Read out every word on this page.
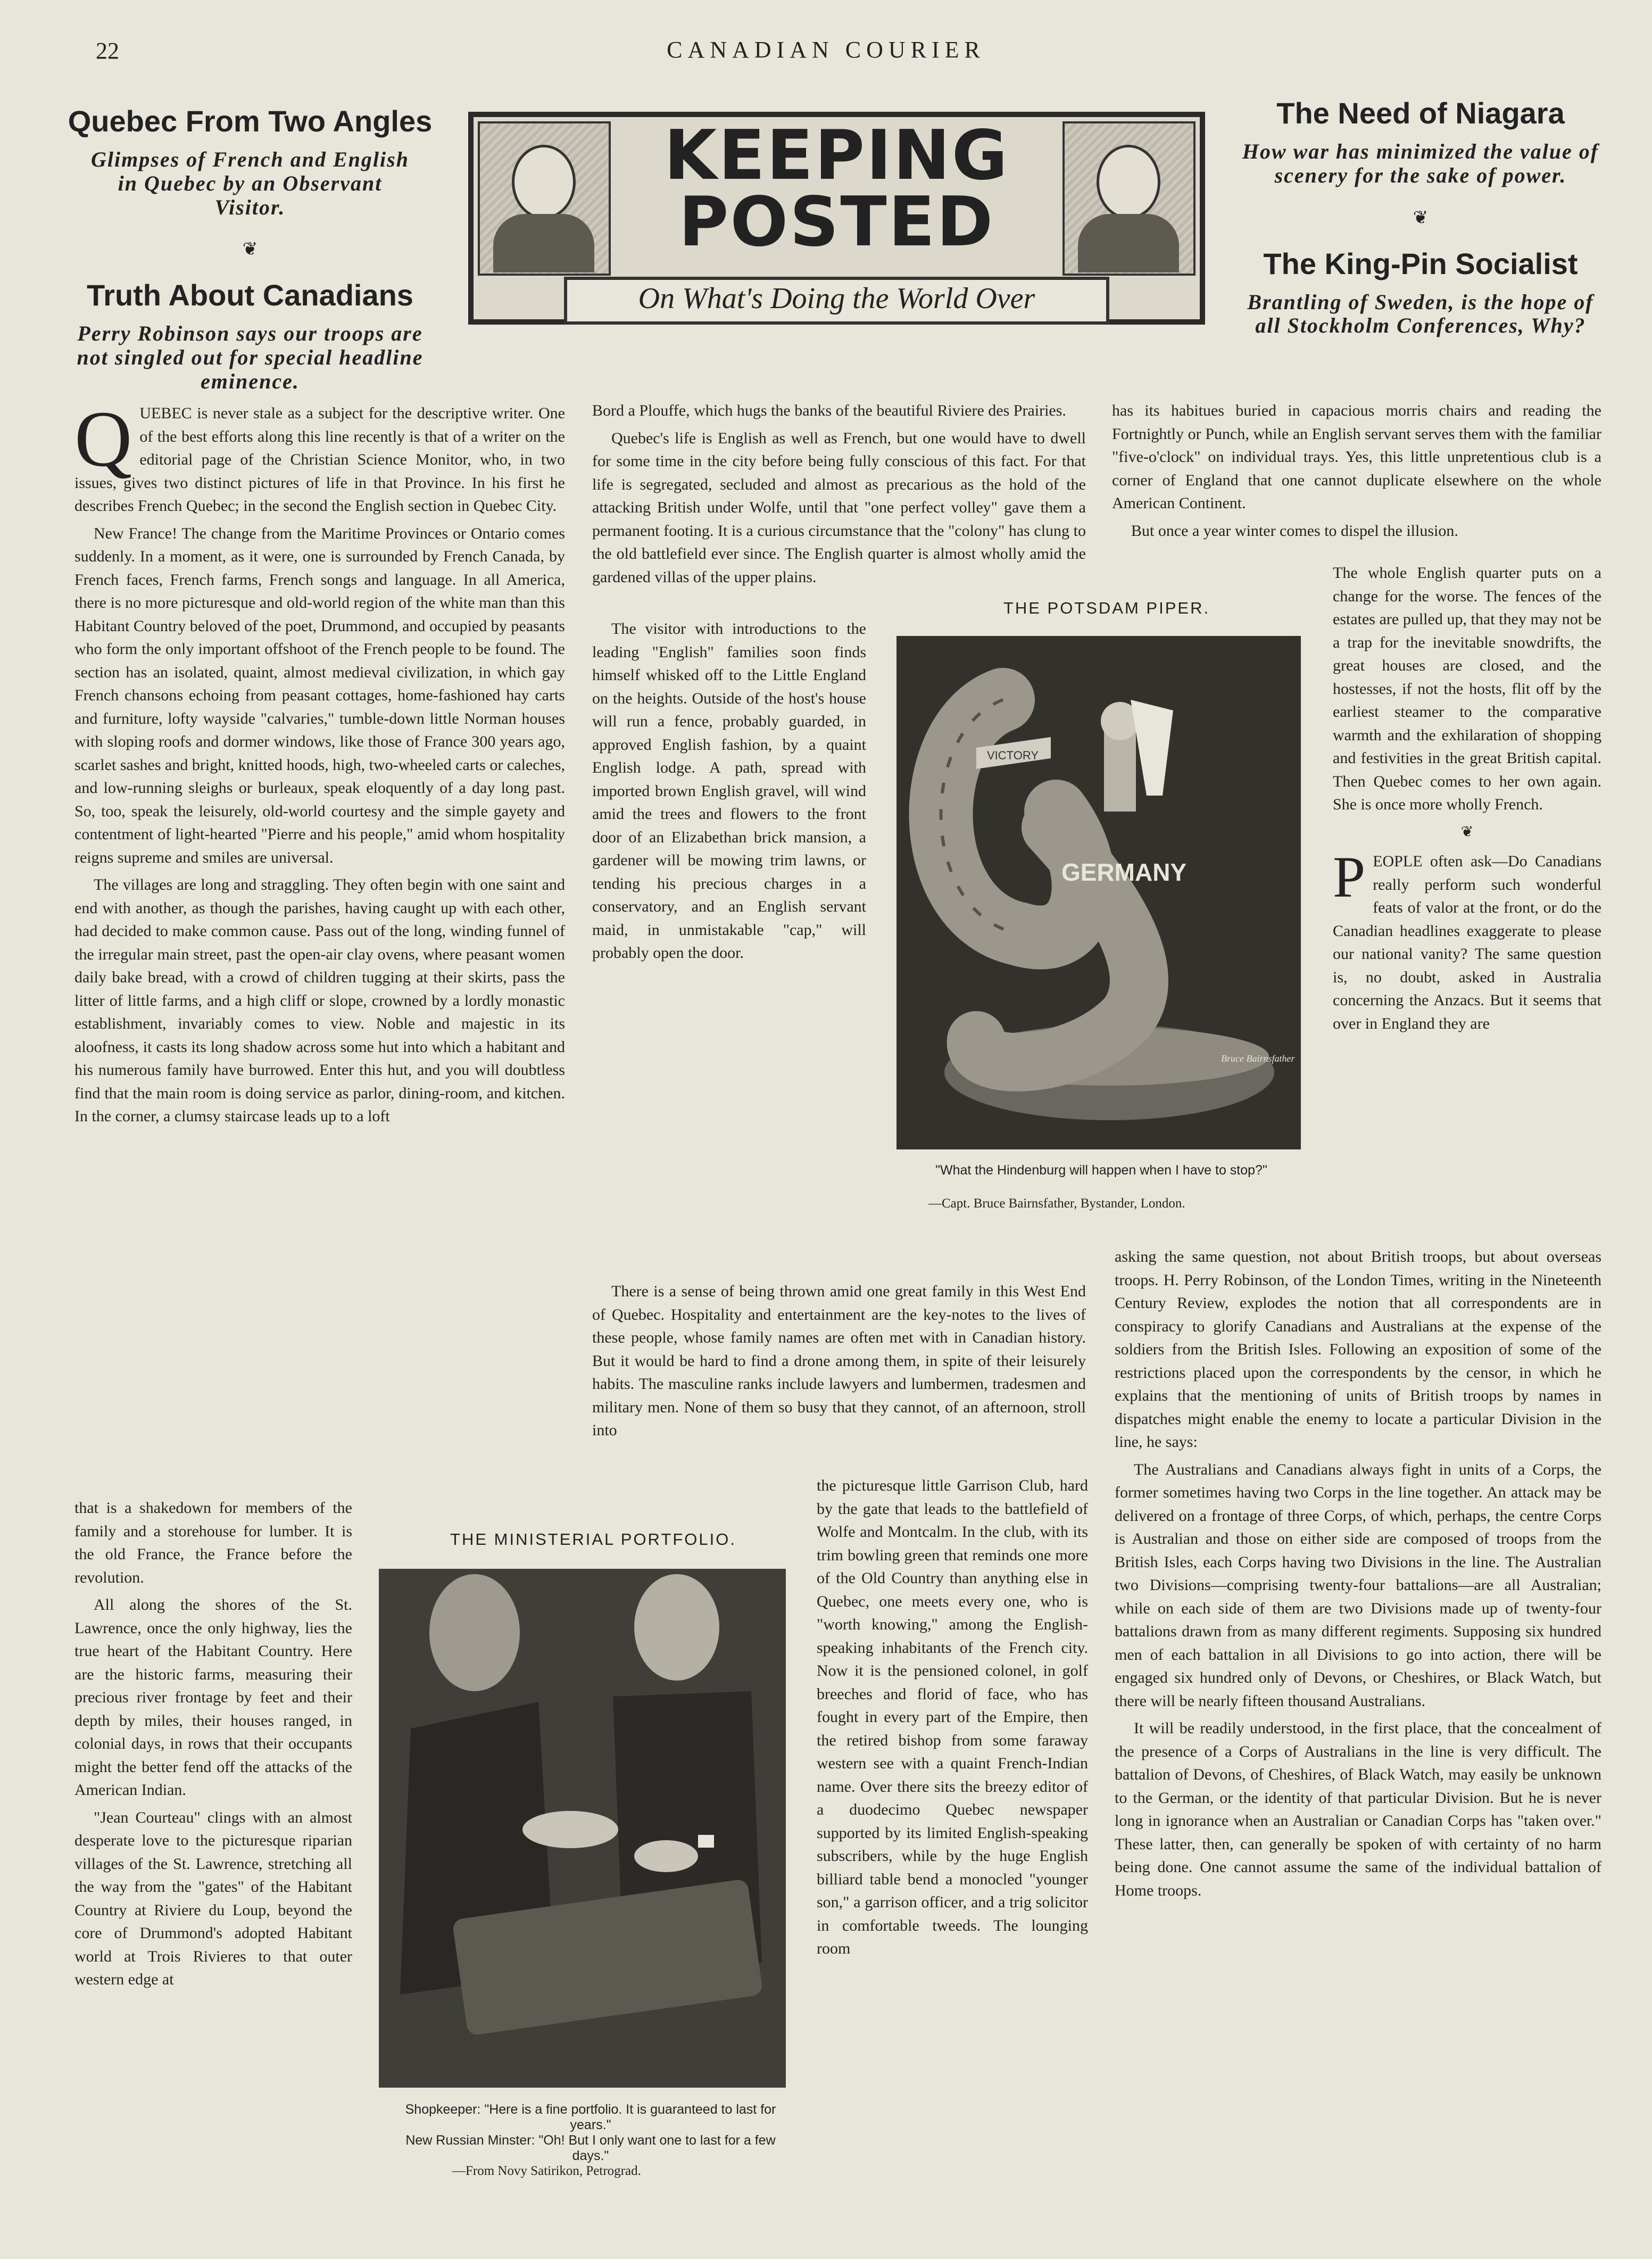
22	CANADIAN COURIER
Quebec From Two Angles
Glimpses of French and English in Quebec by an Observant Visitor.
❦
Truth About Canadians
Perry Robinson says our troops are not singled out for special headline eminence.
KEEPING
POSTED
On What's Doing the World Over
The Need of Niagara
How war has minimized the value of scenery for the sake of power.
❦
The King-Pin Socialist
Brantling of Sweden, is the hope of all Stockholm Conferences, Why?

QUEBEC is never stale as a subject for the descriptive writer. One of the best efforts along this line recently is that of a writer on the editorial page of the Christian Science Monitor, who, in two issues, gives two distinct pictures of life in that Province. In his first he describes French Quebec; in the second the English section in Quebec City.

New France! The change from the Maritime Provinces or Ontario comes suddenly. In a moment, as it were, one is surrounded by French Canada, by French faces, French farms, French songs and language. In all America, there is no more picturesque and old-world region of the white man than this Habitant Country beloved of the poet, Drummond, and occupied by peasants who form the only important offshoot of the French people to be found. The section has an isolated, quaint, almost medieval civilization, in which gay French chansons echoing from peasant cottages, home-fashioned hay carts and furniture, lofty wayside "calvaries," tumble-down little Norman houses with sloping roofs and dormer windows, like those of France 300 years ago, scarlet sashes and bright, knitted hoods, high, two-wheeled carts or caleches, and low-running sleighs or burleaux, speak eloquently of a day long past. So, too, speak the leisurely, old-world courtesy and the simple gayety and contentment of light-hearted "Pierre and his people," amid whom hospitality reigns supreme and smiles are universal.

The villages are long and straggling. They often begin with one saint and end with another, as though the parishes, having caught up with each other, had decided to make common cause. Pass out of the long, winding funnel of the irregular main street, past the open-air clay ovens, where peasant women daily bake bread, with a crowd of children tugging at their skirts, pass the litter of little farms, and a high cliff or slope, crowned by a lordly monastic establishment, invariably comes to view. Noble and majestic in its aloofness, it casts its long shadow across some hut into which a habitant and his numerous family have burrowed. Enter this hut, and you will doubtless find that the main room is doing service as parlor, dining-room, and kitchen. In the corner, a clumsy staircase leads up to a loft

that is a shakedown for members of the family and a storehouse for lumber. It is the old France, the France before the revolution.

All along the shores of the St. Lawrence, once the only highway, lies the true heart of the Habitant Country. Here are the historic farms, measuring their precious river frontage by feet and their depth by miles, their houses ranged, in colonial days, in rows that their occupants might the better fend off the attacks of the American Indian.

"Jean Courteau" clings with an almost desperate love to the picturesque riparian villages of the St. Lawrence, stretching all the way from the "gates" of the Habitant Country at Riviere du Loup, beyond the core of Drummond's adopted Habitant world at Trois Rivieres to that outer western edge at

Bord a Plouffe, which hugs the banks of the beautiful Riviere des Prairies.

Quebec's life is English as well as French, but one would have to dwell for some time in the city before being fully conscious of this fact. For that life is segregated, secluded and almost as precarious as the hold of the attacking British under Wolfe, until that "one perfect volley" gave them a permanent footing. It is a curious circumstance that the "colony" has clung to the old battlefield ever since. The English quarter is almost wholly amid the gardened villas of the upper plains.

The visitor with introductions to the leading "English" families soon finds himself whisked off to the Little England on the heights. Outside of the host's house will run a fence, probably guarded, in approved English fashion, by a quaint English lodge. A path, spread with imported brown English gravel, will wind amid the trees and flowers to the front door of an Elizabethan brick mansion, a gardener will be mowing trim lawns, or tending his precious charges in a conservatory, and an English servant maid, in unmistakable "cap," will probably open the door.

There is a sense of being thrown amid one great family in this West End of Quebec. Hospitality and entertainment are the key-notes to the lives of these people, whose family names are often met with in Canadian history. But it would be hard to find a drone among them, in spite of their leisurely habits. The masculine ranks include lawyers and lumbermen, tradesmen and military men. None of them so busy that they cannot, of an afternoon, stroll into

the picturesque little Garrison Club, hard by the gate that leads to the battlefield of Wolfe and Montcalm. In the club, with its trim bowling green that reminds one more of the Old Country than anything else in Quebec, one meets every one, who is "worth knowing," among the English-speaking inhabitants of the French city. Now it is the pensioned colonel, in golf breeches and florid of face, who has fought in every part of the Empire, then the retired bishop from some faraway western see with a quaint French-Indian name. Over there sits the breezy editor of a duodecimo Quebec newspaper supported by its limited English-speaking subscribers, while by the huge English billiard table bend a monocled "younger son," a garrison officer, and a trig solicitor in comfortable tweeds. The lounging room

has its habitues buried in capacious morris chairs and reading the Fortnightly or Punch, while an English servant serves them with the familiar "five-o'clock" on individual trays. Yes, this little unpretentious club is a corner of England that one cannot duplicate elsewhere on the whole American Continent.

But once a year winter comes to dispel the illusion.

The whole English quarter puts on a change for the worse. The fences of the estates are pulled up, that they may not be a trap for the inevitable snowdrifts, the great houses are closed, and the hostesses, if not the hosts, flit off by the earliest steamer to the comparative warmth and the exhilaration of shopping and festivities in the great British capital. Then Quebec comes to her own again. She is once more wholly French.

❦

PEOPLE often ask—Do Canadians really perform such wonderful feats of valor at the front, or do the Canadian headlines exaggerate to please our national vanity? The same question is, no doubt, asked in Australia concerning the Anzacs. But it seems that over in England they are

asking the same question, not about British troops, but about overseas troops. H. Perry Robinson, of the London Times, writing in the Nineteenth Century Review, explodes the notion that all correspondents are in conspiracy to glorify Canadians and Australians at the expense of the soldiers from the British Isles. Following an exposition of some of the restrictions placed upon the correspondents by the censor, in which he explains that the mentioning of units of British troops by names in dispatches might enable the enemy to locate a particular Division in the line, he says:

The Australians and Canadians always fight in units of a Corps, the former sometimes having two Corps in the line together. An attack may be delivered on a frontage of three Corps, of which, perhaps, the centre Corps is Australian and those on either side are composed of troops from the British Isles, each Corps having two Divisions in the line. The Australian two Divisions—comprising twenty-four battalions—are all Australian; while on each side of them are two Divisions made up of twenty-four battalions drawn from as many different regiments. Supposing six hundred men of each battalion in all Divisions to go into action, there will be engaged six hundred only of Devons, or Cheshires, or Black Watch, but there will be nearly fifteen thousand Australians.

It will be readily understood, in the first place, that the concealment of the presence of a Corps of Australians in the line is very difficult. The battalion of Devons, of Cheshires, of Black Watch, may easily be unknown to the German, or the identity of that particular Division. But he is never long in ignorance when an Australian or Canadian Corps has "taken over." These latter, then, can generally be spoken of with certainty of no harm being done. One cannot assume the same of the individual battalion of Home troops.

THE POTSDAM PIPER.
VICTORY
GERMANY
Bruce Bairnsfather
"What the Hindenburg will happen when I have to stop?"
—Capt. Bruce Bairnsfather, Bystander, London.
THE MINISTERIAL PORTFOLIO.
Shopkeeper: "Here is a fine portfolio. It is guaranteed to last for years."
New Russian Minster: "Oh! But I only want one to last for a few days."
—From Novy Satirikon, Petrograd.
